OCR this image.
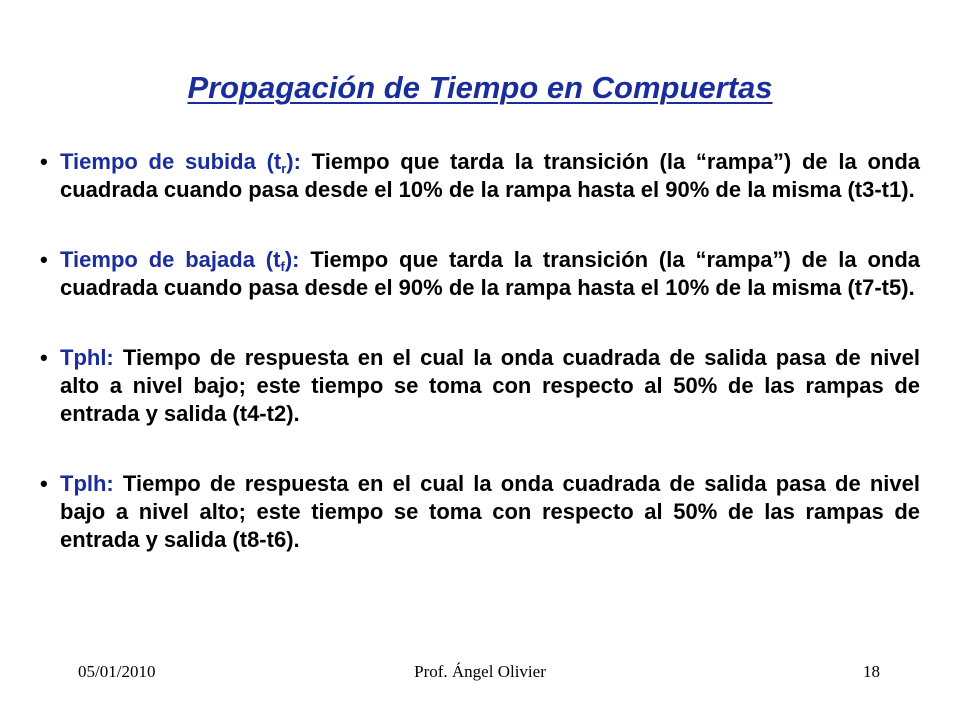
Propagación de Tiempo en Compuertas
• Tiempo de subida $(t_r)$: Tiempo que tarda la transición (la “rampa”) de la onda cuadrada cuando pasa desde el 10% de la rampa hasta el 90% de la misma (t3-t1).
• Tiempo de bajada $(t_f)$: Tiempo que tarda la transición (la “rampa”) de la onda cuadrada cuando pasa desde el 90% de la rampa hasta el 10% de la misma (t7-t5).
• Tphl: Tiempo de respuesta en el cual la onda cuadrada de salida pasa de nivel alto a nivel bajo; este tiempo se toma con respecto al 50% de las rampas de entrada y salida (t4-t2).
• Tplh: Tiempo de respuesta en el cual la onda cuadrada de salida pasa de nivel bajo a nivel alto; este tiempo se toma con respecto al 50% de las rampas de entrada y salida (t8-t6).
05/01/2010	Prof. Ángel Olivier	18
